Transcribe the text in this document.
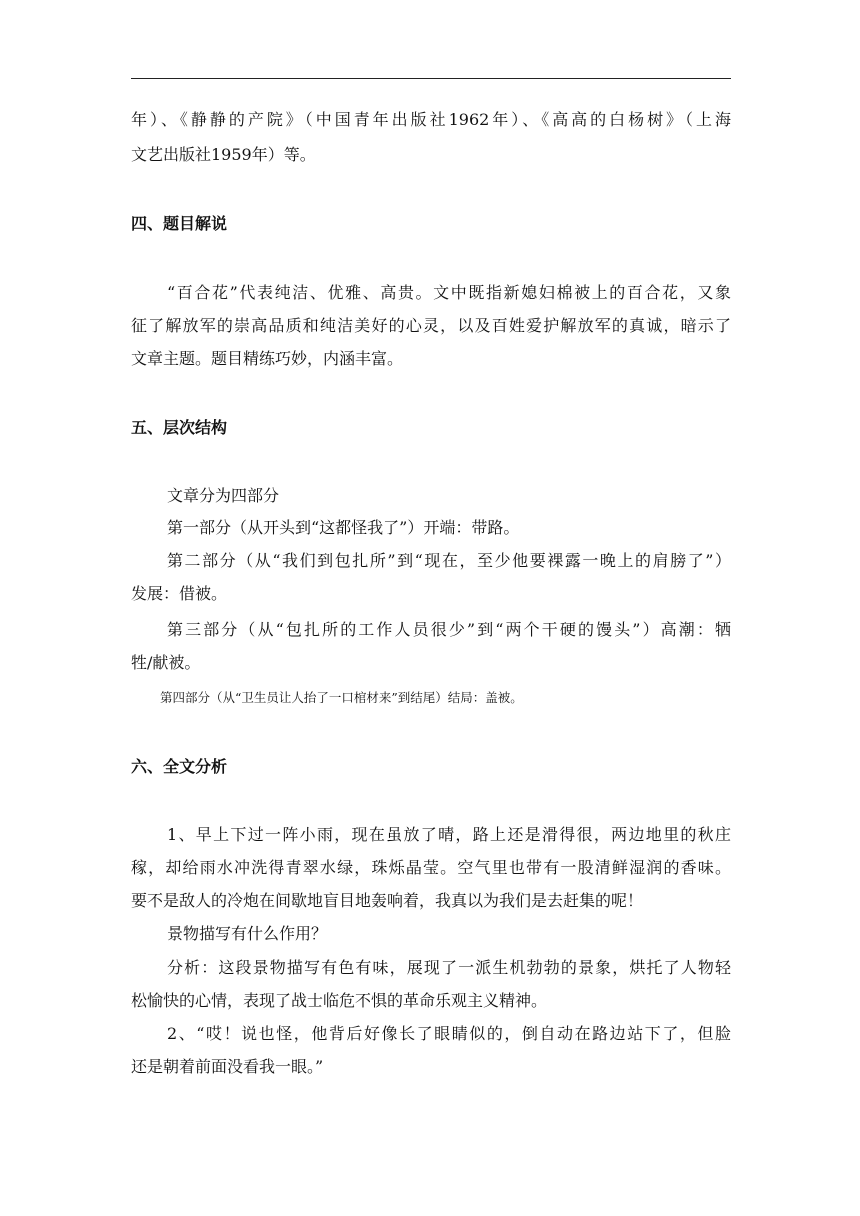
年）、《静静的产院》（中国青年出版社1962年）、《高高的白杨树》（上海
文艺出版社1959年）等。
四、题目解说
“百合花”代表纯洁、优雅、高贵。文中既指新媳妇棉被上的百合花，又象
征了解放军的崇高品质和纯洁美好的心灵，以及百姓爱护解放军的真诚，暗示了
文章主题。题目精练巧妙，内涵丰富。
五、层次结构
文章分为四部分
第一部分（从开头到“这都怪我了”）开端：带路。
第二部分（从“我们到包扎所”到“现在，至少他要裸露一晚上的肩膀了”）
发展：借被。
第三部分（从“包扎所的工作人员很少”到“两个干硬的馒头”）高潮：牺
牲/献被。
第四部分（从“卫生员让人抬了一口棺材来”到结尾）结局：盖被。
六、全文分析
1、早上下过一阵小雨，现在虽放了晴，路上还是滑得很，两边地里的秋庄
稼，却给雨水冲洗得青翠水绿，珠烁晶莹。空气里也带有一股清鲜湿润的香味。
要不是敌人的冷炮在间歇地盲目地轰响着，我真以为我们是去赶集的呢！
景物描写有什么作用？
分析：这段景物描写有色有味，展现了一派生机勃勃的景象，烘托了人物轻
松愉快的心情，表现了战士临危不惧的革命乐观主义精神。
2、“哎！说也怪，他背后好像长了眼睛似的，倒自动在路边站下了，但脸
还是朝着前面没看我一眼。”
